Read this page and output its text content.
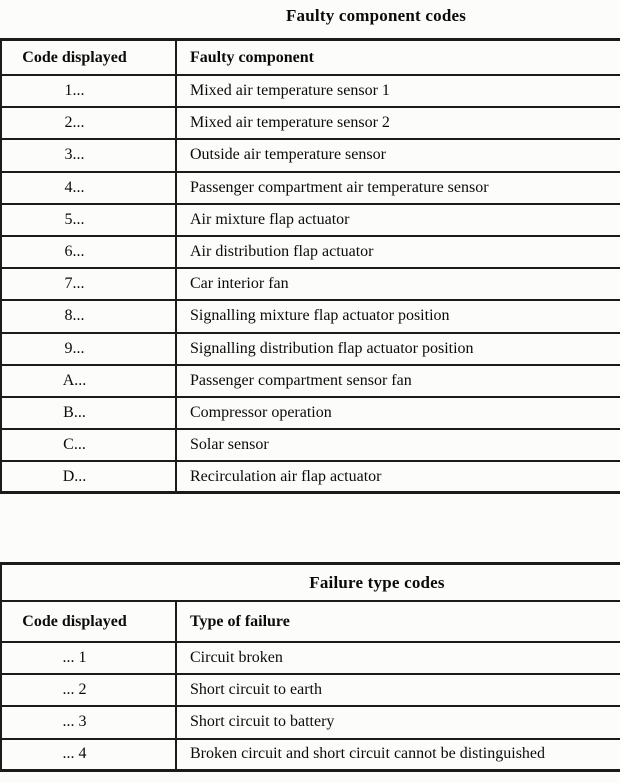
Faulty component codes
Code displayed	Faulty component
1...	Mixed air temperature sensor 1
2...	Mixed air temperature sensor 2
3...	Outside air temperature sensor
4...	Passenger compartment air temperature sensor
5...	Air mixture flap actuator
6...	Air distribution flap actuator
7...	Car interior fan
8...	Signalling mixture flap actuator position
9...	Signalling distribution flap actuator position
A...	Passenger compartment sensor fan
B...	Compressor operation
C...	Solar sensor
D...	Recirculation air flap actuator
Failure type codes
Code displayed	Type of failure
... 1	Circuit broken
... 2	Short circuit to earth
... 3	Short circuit to battery
... 4	Broken circuit and short circuit cannot be distinguished
